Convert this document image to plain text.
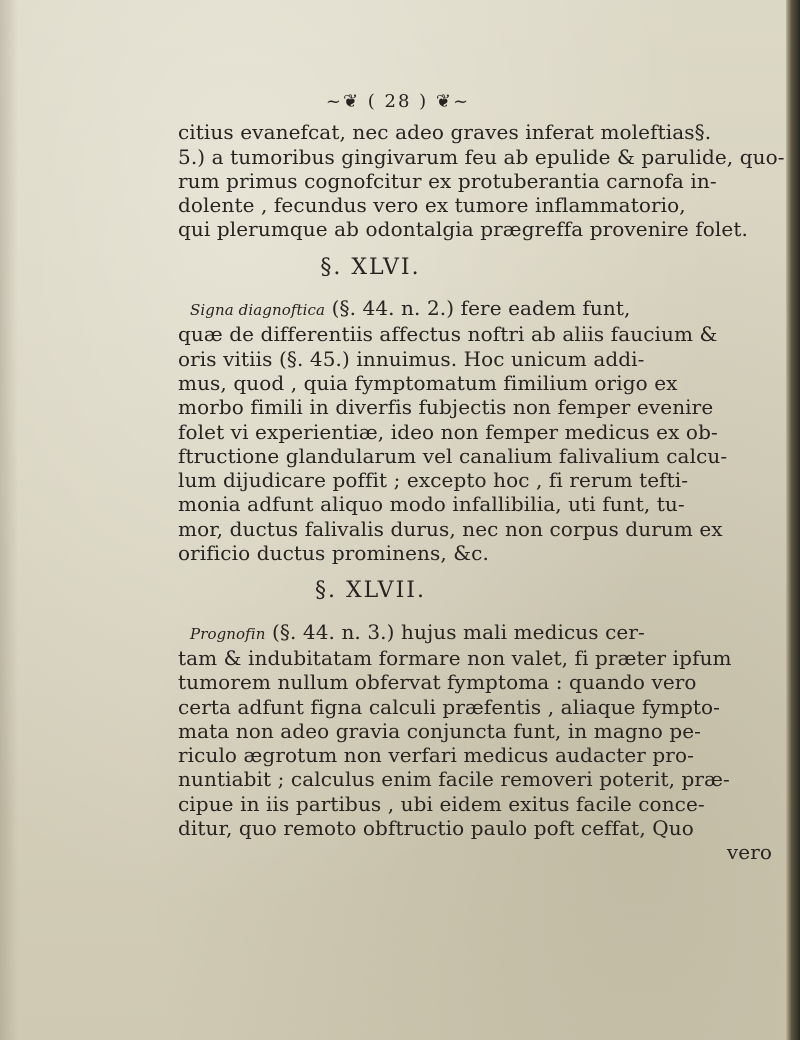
~❦ ( 28 ) ❦~
citius evanefcat, nec adeo graves inferat moleftias§.
5.) a tumoribus gingivarum feu ab epulide & parulide, quo-
rum primus cognofcitur ex protuberantia carnofa in-
dolente , fecundus vero ex tumore inflammatorio,
qui plerumque ab odontalgia prægreffa provenire folet.
§. XLVI.
Signa diagnoftica (§. 44. n. 2.) fere eadem funt,
quæ de differentiis affectus noftri ab aliis faucium &
oris vitiis (§. 45.) innuimus. Hoc unicum addi-
mus, quod , quia fymptomatum fimilium origo ex
morbo fimili in diverfis fubjectis non femper evenire
folet vi experientiæ, ideo non femper medicus ex ob-
ftructione glandularum vel canalium falivalium calcu-
lum dijudicare poffit ; excepto hoc , fi rerum tefti-
monia adfunt aliquo modo infallibilia, uti funt, tu-
mor, ductus falivalis durus, nec non corpus durum ex
orificio ductus prominens, &c.
§. XLVII.
Prognofin (§. 44. n. 3.) hujus mali medicus cer-
tam & indubitatam formare non valet, fi præter ipfum
tumorem nullum obfervat fymptoma : quando vero
certa adfunt figna calculi præfentis , aliaque fympto-
mata non adeo gravia conjuncta funt, in magno pe-
riculo ægrotum non verfari medicus audacter pro-
nuntiabit ; calculus enim facile removeri poterit, præ-
cipue in iis partibus , ubi eidem exitus facile conce-
ditur, quo remoto obftructio paulo poft ceffat, Quo
vero
